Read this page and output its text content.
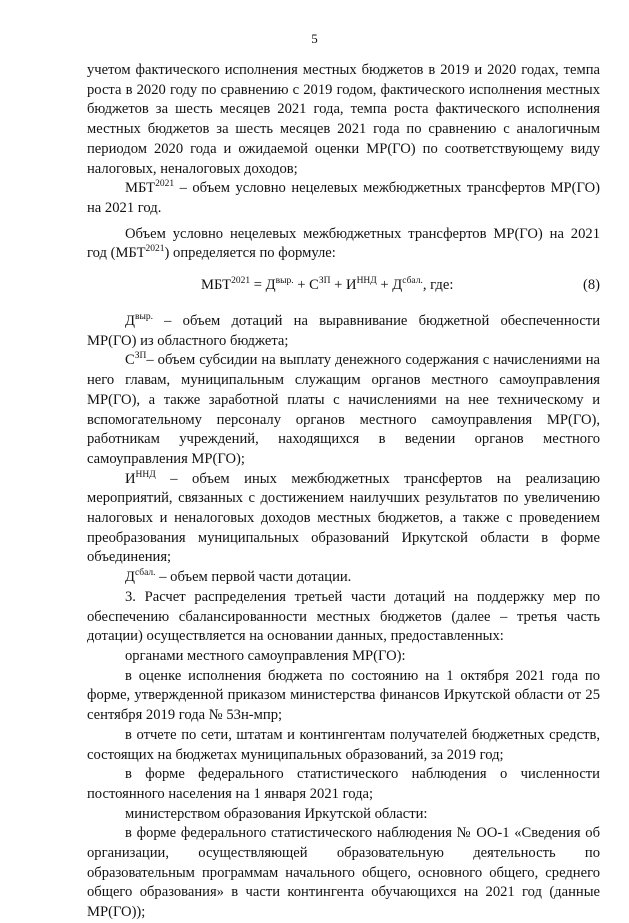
5

учетом фактического исполнения местных бюджетов в 2019 и 2020 годах, темпа роста в 2020 году по сравнению с 2019 годом, фактического исполнения местных бюджетов за шесть месяцев 2021 года, темпа роста фактического исполнения местных бюджетов за шесть месяцев 2021 года по сравнению с аналогичным периодом 2020 года и ожидаемой оценки МР(ГО) по соответствующему виду налоговых, неналоговых доходов;

$МБТ^{2021}$ – объем условно нецелевых межбюджетных трансфертов МР(ГО) на 2021 год.

Объем условно нецелевых межбюджетных трансфертов МР(ГО) на 2021 год $(МБТ^{2021})$ определяется по формуле:

$МБТ^{2021} = Д^{выр.} + С^{ЗП} + И^{ННД} + Д^{сбал.}$, где:	(8)

$Д^{выр.}$ – объем дотаций на выравнивание бюджетной обеспеченности МР(ГО) из областного бюджета;

$С^{ЗП}-$ объем субсидии на выплату денежного содержания с начислениями на него главам, муниципальным служащим органов местного самоуправления МР(ГО), а также заработной платы с начислениями на нее техническому и вспомогательному персоналу органов местного самоуправления МР(ГО), работникам учреждений, находящихся в ведении органов местного самоуправления МР(ГО);

$И^{ННД}$ – объем иных межбюджетных трансфертов на реализацию мероприятий, связанных с достижением наилучших результатов по увеличению налоговых и неналоговых доходов местных бюджетов, а также с проведением преобразования муниципальных образований Иркутской области в форме объединения;

$Д^{сбал.}$ – объем первой части дотации.

3. Расчет распределения третьей части дотаций на поддержку мер по обеспечению сбалансированности местных бюджетов (далее – третья часть дотации) осуществляется на основании данных, предоставленных:

органами местного самоуправления МР(ГО):

в оценке исполнения бюджета по состоянию на 1 октября 2021 года по форме, утвержденной приказом министерства финансов Иркутской области от 25 сентября 2019 года № 53н-мпр;

в отчете по сети, штатам и контингентам получателей бюджетных средств, состоящих на бюджетах муниципальных образований, за 2019 год;

в форме федерального статистического наблюдения о численности постоянного населения на 1 января 2021 года;

министерством образования Иркутской области:

в форме федерального статистического наблюдения № ОО-1 «Сведения об организации, осуществляющей образовательную деятельность по образовательным программам начального общего, основного общего, среднего общего образования» в части контингента обучающихся на 2021 год (данные МР(ГО));
